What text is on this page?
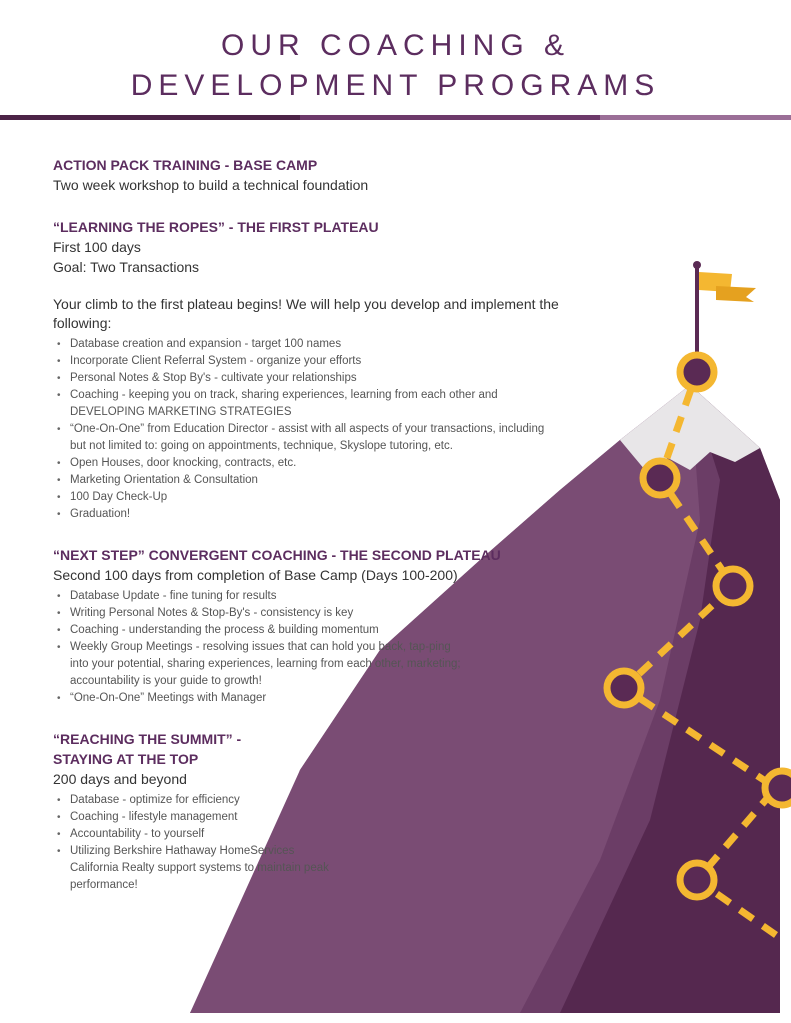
OUR COACHING &
DEVELOPMENT PROGRAMS
ACTION PACK TRAINING - BASE CAMP
Two week workshop to build a technical foundation
“LEARNING THE ROPES” - THE FIRST PLATEAU
First 100 days
Goal: Two Transactions
Your climb to the first plateau begins! We will help you develop and implement the following:
• Database creation and expansion - target 100 names
• Incorporate Client Referral System - organize your efforts
• Personal Notes & Stop By's - cultivate your relationships
• Coaching - keeping you on track, sharing experiences, learning from each other and DEVELOPING MARKETING STRATEGIES
• “One-On-One” from Education Director - assist with all aspects of your transactions, including but not limited to: going on appointments, technique, Skyslope tutoring, etc.
• Open Houses, door knocking, contracts, etc.
• Marketing Orientation & Consultation
• 100 Day Check-Up
• Graduation!
“NEXT STEP” CONVERGENT COACHING - THE SECOND PLATEAU
Second 100 days from completion of Base Camp (Days 100-200)
• Database Update - fine tuning for results
• Writing Personal Notes & Stop-By's - consistency is key
• Coaching - understanding the process & building momentum
• Weekly Group Meetings - resolving issues that can hold you back, tap-ping into your potential, sharing experiences, learning from each other, marketing; accountability is your guide to growth!
• “One-On-One” Meetings with Manager
“REACHING THE SUMMIT” -
STAYING AT THE TOP
200 days and beyond
• Database - optimize for efficiency
• Coaching - lifestyle management
• Accountability - to yourself
• Utilizing Berkshire Hathaway HomeServices California Realty support systems to maintain peak performance!
